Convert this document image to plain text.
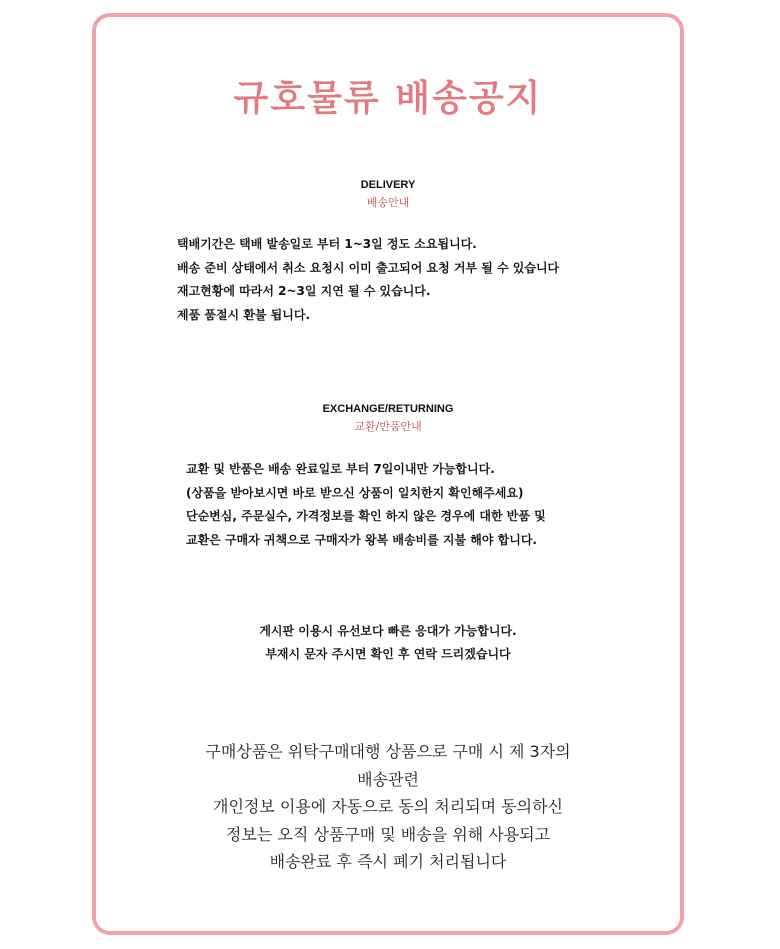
규호물류 배송공지
DELIVERY
배송안내
택배기간은 택배 발송일로 부터 1~3일 정도 소요됩니다.
배송 준비 상태에서 취소 요청시 이미 출고되어 요청 거부 될 수 있습니다
재고현황에 따라서 2~3일 지연 될 수 있습니다.
제품 품절시 환불 됩니다.
EXCHANGE/RETURNING
교환/반품안내
교환 및 반품은 배송 완료일로 부터 7일이내만 가능합니다.
(상품을 받아보시면 바로 받으신 상품이 일치한지 확인해주세요)
단순변심, 주문실수, 가격정보를 확인 하지 않은 경우에 대한 반품 및
교환은 구매자 귀책으로 구매자가 왕복 배송비를 지불 해야 합니다.
게시판 이용시 유선보다 빠른 응대가 가능합니다.
부재시 문자 주시면 확인 후 연락 드리겠습니다
구매상품은 위탁구매대행 상품으로 구매 시 제 3자의
배송관련
개인정보 이용에 자동으로 동의 처리되며 동의하신
정보는 오직 상품구매 및 배송을 위해 사용되고
배송완료 후 즉시 폐기 처리됩니다
